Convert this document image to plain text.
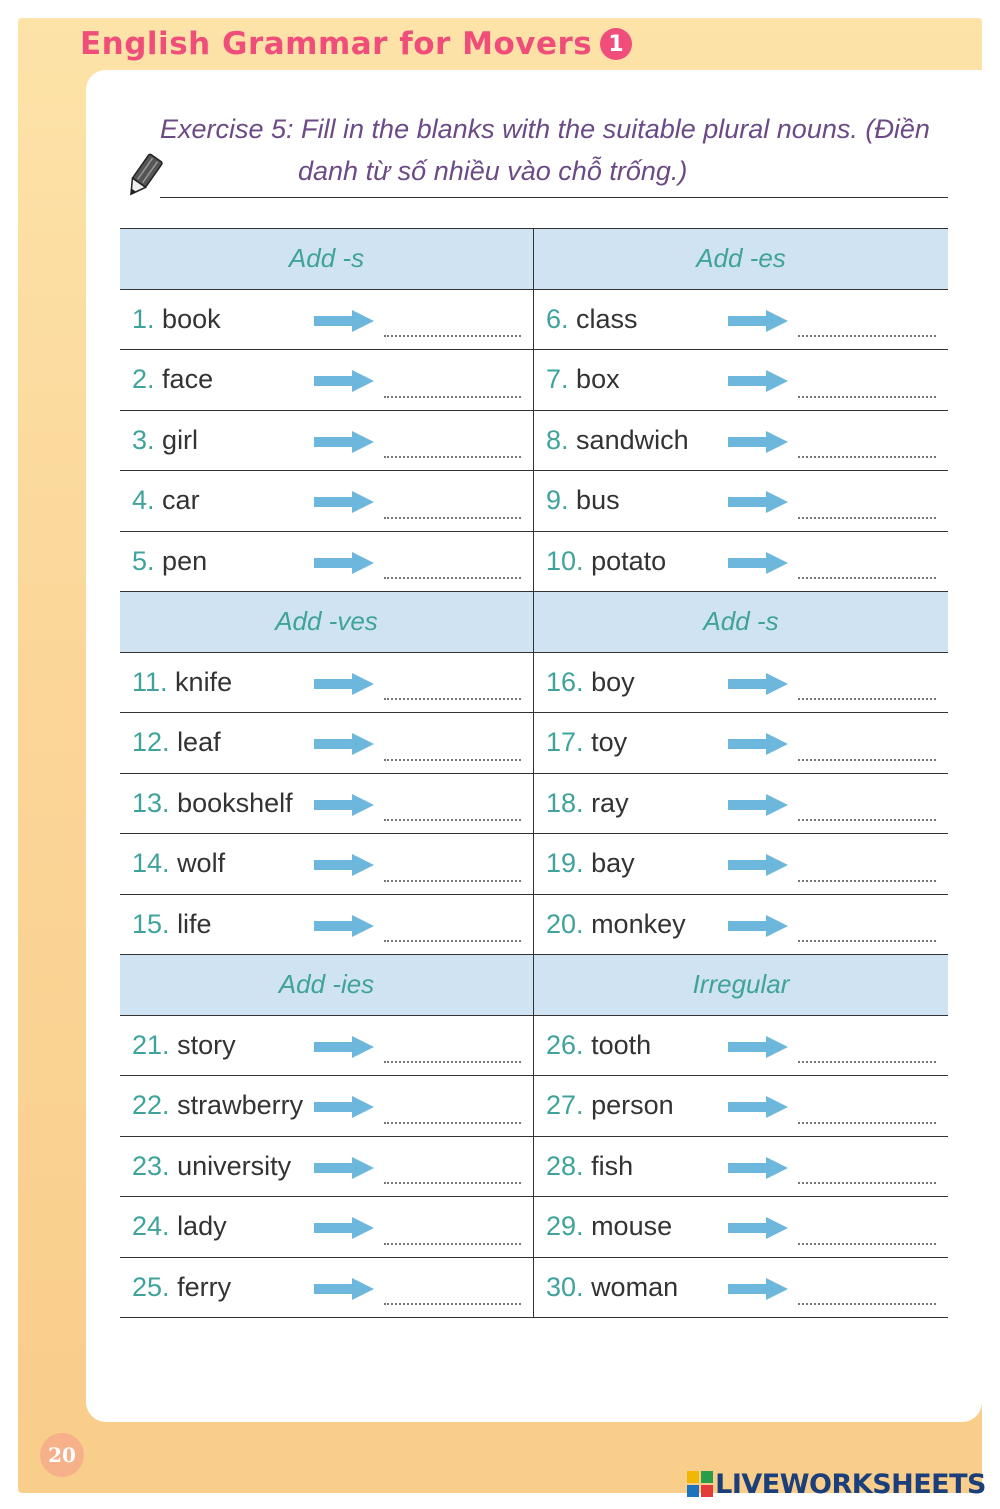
English Grammar for Movers 1
Exercise 5: Fill in the blanks with the suitable plural nouns. (Điền
danh từ số nhiều vào chỗ trống.)
Add -s	Add -es
1. book	6. class
2. face	7. box
3. girl	8. sandwich
4. car	9. bus
5. pen	10. potato
Add -ves	Add -s
11. knife	16. boy
12. leaf	17. toy
13. bookshelf	18. ray
14. wolf	19. bay
15. life	20. monkey
Add -ies	Irregular
21. story	26. tooth
22. strawberry	27. person
23. university	28. fish
24. lady	29. mouse
25. ferry	30. woman
20
LIVEWORKSHEETS
